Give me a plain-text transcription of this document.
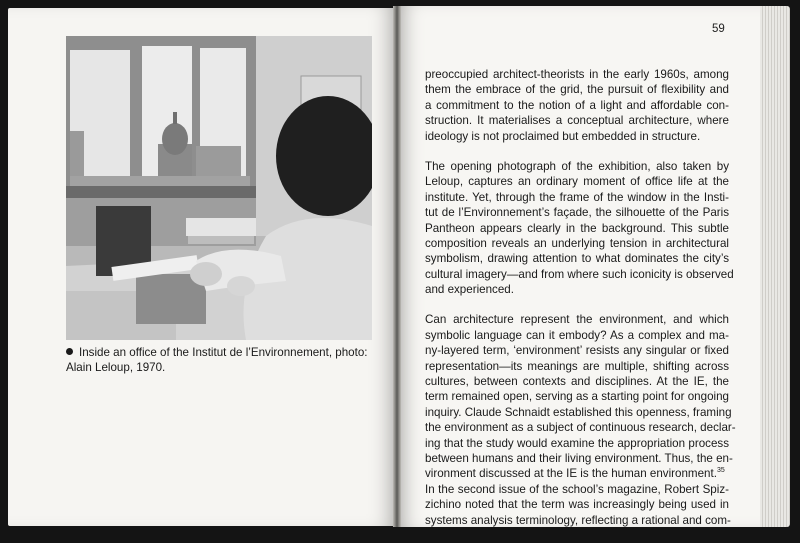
Inside an office of the Institut de l’Environnement, photo:
Alain Leloup, 1970.

59
preoccupied architect-theorists in the early 1960s, among
them the embrace of the grid, the pursuit of flexibility and
a commitment to the notion of a light and affordable con-
struction. It materialises a conceptual architecture, where
ideology is not proclaimed but embedded in structure.
The opening photograph of the exhibition, also taken by
Leloup, captures an ordinary moment of office life at the
institute. Yet, through the frame of the window in the Insti-
tut de l’Environnement’s façade, the silhouette of the Paris
Pantheon appears clearly in the background. This subtle
composition reveals an underlying tension in architectural
symbolism, drawing attention to what dominates the city’s
cultural imagery—and from where such iconicity is observed
and experienced.
Can architecture represent the environment, and which
symbolic language can it embody? As a complex and ma-
ny-layered term, ‘environment’ resists any singular or fixed
representation—its meanings are multiple, shifting across
cultures, between contexts and disciplines. At the IE, the
term remained open, serving as a starting point for ongoing
inquiry. Claude Schnaidt established this openness, framing
the environment as a subject of continuous research, declar-
ing that the study would examine the appropriation process
between humans and their living environment. Thus, the en-
vironment discussed at the IE is the human environment.$^{35}$
In the second issue of the school’s magazine, Robert Spiz-
zichino noted that the term was increasingly being used in
systems analysis terminology, reflecting a rational and com-
